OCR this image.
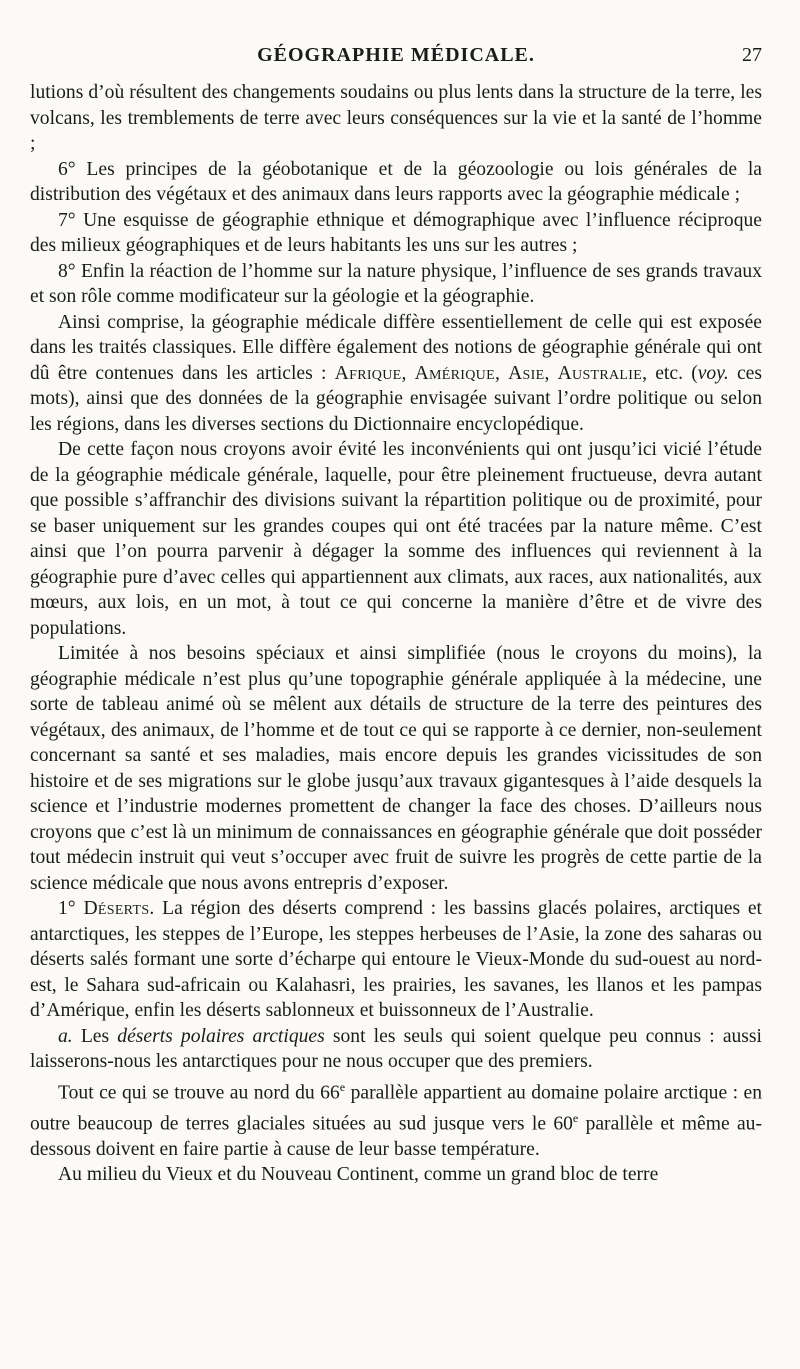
GÉOGRAPHIE MÉDICALE.	27

lutions d’où résultent des changements soudains ou plus lents dans la structure de la terre, les volcans, les tremblements de terre avec leurs conséquences sur la vie et la santé de l’homme ;

6° Les principes de la géobotanique et de la géozoologie ou lois générales de la distribution des végétaux et des animaux dans leurs rapports avec la géographie médicale ;

7° Une esquisse de géographie ethnique et démographique avec l’influence réciproque des milieux géographiques et de leurs habitants les uns sur les autres ;

8° Enfin la réaction de l’homme sur la nature physique, l’influence de ses grands travaux et son rôle comme modificateur sur la géologie et la géographie.

Ainsi comprise, la géographie médicale diffère essentiellement de celle qui est exposée dans les traités classiques. Elle diffère également des notions de géographie générale qui ont dû être contenues dans les articles : Afrique, Amérique, Asie, Australie, etc. (voy. ces mots), ainsi que des données de la géographie envisagée suivant l’ordre politique ou selon les régions, dans les diverses sections du Dictionnaire encyclopédique.

De cette façon nous croyons avoir évité les inconvénients qui ont jusqu’ici vicié l’étude de la géographie médicale générale, laquelle, pour être pleinement fructueuse, devra autant que possible s’affranchir des divisions suivant la répartition politique ou de proximité, pour se baser uniquement sur les grandes coupes qui ont été tracées par la nature même. C’est ainsi que l’on pourra parvenir à dégager la somme des influences qui reviennent à la géographie pure d’avec celles qui appartiennent aux climats, aux races, aux nationalités, aux mœurs, aux lois, en un mot, à tout ce qui concerne la manière d’être et de vivre des populations.

Limitée à nos besoins spéciaux et ainsi simplifiée (nous le croyons du moins), la géographie médicale n’est plus qu’une topographie générale appliquée à la médecine, une sorte de tableau animé où se mêlent aux détails de structure de la terre des peintures des végétaux, des animaux, de l’homme et de tout ce qui se rapporte à ce dernier, non-seulement concernant sa santé et ses maladies, mais encore depuis les grandes vicissitudes de son histoire et de ses migrations sur le globe jusqu’aux travaux gigantesques à l’aide desquels la science et l’industrie modernes promettent de changer la face des choses. D’ailleurs nous croyons que c’est là un minimum de connaissances en géographie générale que doit posséder tout médecin instruit qui veut s’occuper avec fruit de suivre les progrès de cette partie de la science médicale que nous avons entrepris d’exposer.

1° Déserts. La région des déserts comprend : les bassins glacés polaires, arctiques et antarctiques, les steppes de l’Europe, les steppes herbeuses de l’Asie, la zone des saharas ou déserts salés formant une sorte d’écharpe qui entoure le Vieux-Monde du sud-ouest au nord-est, le Sahara sud-africain ou Kalahasri, les prairies, les savanes, les llanos et les pampas d’Amérique, enfin les déserts sablonneux et buissonneux de l’Australie.

a. Les déserts polaires arctiques sont les seuls qui soient quelque peu connus : aussi laisserons-nous les antarctiques pour ne nous occuper que des premiers.

Tout ce qui se trouve au nord du 66e parallèle appartient au domaine polaire arctique : en outre beaucoup de terres glaciales situées au sud jusque vers le 60e parallèle et même au-dessous doivent en faire partie à cause de leur basse température.

Au milieu du Vieux et du Nouveau Continent, comme un grand bloc de terre
